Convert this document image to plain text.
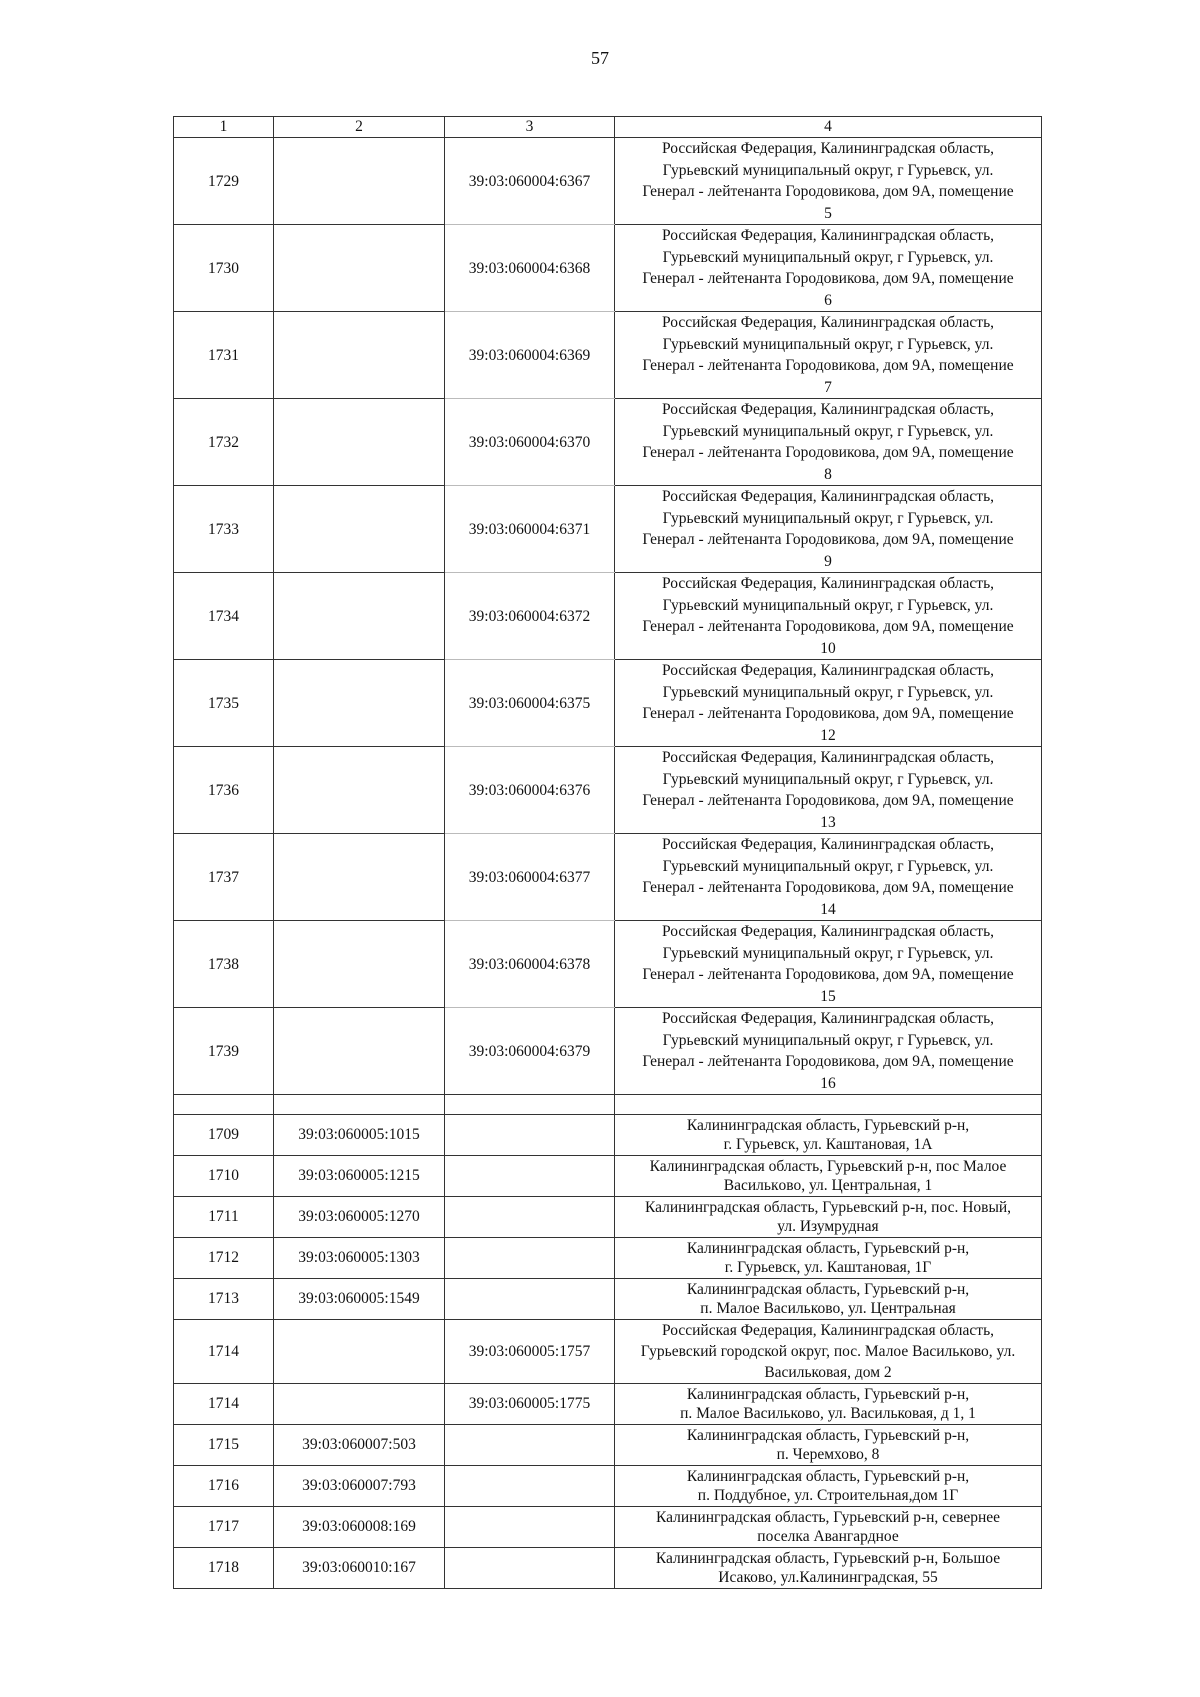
57
1	2	3	4
1729		39:03:060004:6367	Российская Федерация, Калининградская область,
Гурьевский муниципальный округ, г Гурьевск, ул.
Генерал - лейтенанта Городовикова, дом 9А, помещение
5
1730		39:03:060004:6368	Российская Федерация, Калининградская область,
Гурьевский муниципальный округ, г Гурьевск, ул.
Генерал - лейтенанта Городовикова, дом 9А, помещение
6
1731		39:03:060004:6369	Российская Федерация, Калининградская область,
Гурьевский муниципальный округ, г Гурьевск, ул.
Генерал - лейтенанта Городовикова, дом 9А, помещение
7
1732		39:03:060004:6370	Российская Федерация, Калининградская область,
Гурьевский муниципальный округ, г Гурьевск, ул.
Генерал - лейтенанта Городовикова, дом 9А, помещение
8
1733		39:03:060004:6371	Российская Федерация, Калининградская область,
Гурьевский муниципальный округ, г Гурьевск, ул.
Генерал - лейтенанта Городовикова, дом 9А, помещение
9
1734		39:03:060004:6372	Российская Федерация, Калининградская область,
Гурьевский муниципальный округ, г Гурьевск, ул.
Генерал - лейтенанта Городовикова, дом 9А, помещение
10
1735		39:03:060004:6375	Российская Федерация, Калининградская область,
Гурьевский муниципальный округ, г Гурьевск, ул.
Генерал - лейтенанта Городовикова, дом 9А, помещение
12
1736		39:03:060004:6376	Российская Федерация, Калининградская область,
Гурьевский муниципальный округ, г Гурьевск, ул.
Генерал - лейтенанта Городовикова, дом 9А, помещение
13
1737		39:03:060004:6377	Российская Федерация, Калининградская область,
Гурьевский муниципальный округ, г Гурьевск, ул.
Генерал - лейтенанта Городовикова, дом 9А, помещение
14
1738		39:03:060004:6378	Российская Федерация, Калининградская область,
Гурьевский муниципальный округ, г Гурьевск, ул.
Генерал - лейтенанта Городовикова, дом 9А, помещение
15
1739		39:03:060004:6379	Российская Федерация, Калининградская область,
Гурьевский муниципальный округ, г Гурьевск, ул.
Генерал - лейтенанта Городовикова, дом 9А, помещение
16

1709	39:03:060005:1015		Калининградская область, Гурьевский р-н,
г. Гурьевск, ул. Каштановая, 1А
1710	39:03:060005:1215		Калининградская область, Гурьевский р-н, пос Малое
Василькoво, ул. Центральная, 1
1711	39:03:060005:1270		Калининградская область, Гурьевский р-н, пос. Новый,
ул. Изумрудная
1712	39:03:060005:1303		Калининградская область, Гурьевский р-н,
г. Гурьевск, ул. Каштановая, 1Г
1713	39:03:060005:1549		Калининградская область, Гурьевский р-н,
п. Малое Васильково, ул. Центральная
1714		39:03:060005:1757	Российская Федерация, Калининградская область,
Гурьевский городской округ, пос. Малое Васильково, ул.
Васильковая, дом 2
1714		39:03:060005:1775	Калининградская область, Гурьевский р-н,
п. Малое Васильково, ул. Васильковая, д 1, 1
1715	39:03:060007:503		Калининградская область, Гурьевский р-н,
п. Черемхово, 8
1716	39:03:060007:793		Калининградская область, Гурьевский р-н,
п. Поддубное, ул. Строительная,дом 1Г
1717	39:03:060008:169		Калининградская область, Гурьевский р-н, севернее
поселка Авангардное
1718	39:03:060010:167		Калининградская область, Гурьевский р-н, Большое
Исаково, ул.Калининградская, 55
